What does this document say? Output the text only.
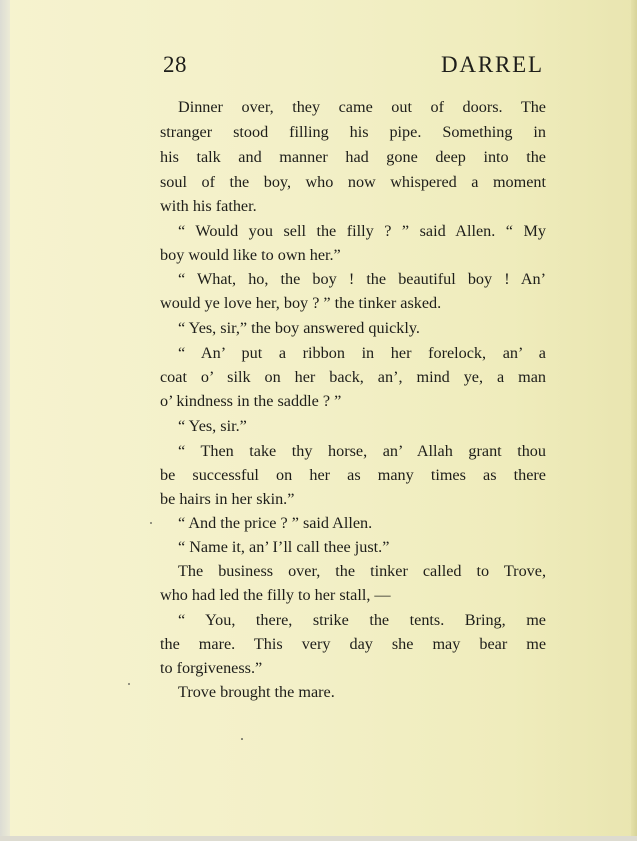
28	DARREL
Dinner over, they came out of doors. The
stranger stood filling his pipe. Something in
his talk and manner had gone deep into the
soul of the boy, who now whispered a moment
with his father.
“ Would you sell the filly ? ” said Allen. “ My
boy would like to own her.”
“ What, ho, the boy ! the beautiful boy ! An’
would ye love her, boy ? ” the tinker asked.
“ Yes, sir,” the boy answered quickly.
“ An’ put a ribbon in her forelock, an’ a
coat o’ silk on her back, an’, mind ye, a man
o’ kindness in the saddle ? ”
“ Yes, sir.”
“ Then take thy horse, an’ Allah grant thou
be successful on her as many times as there
be hairs in her skin.”
“ And the price ? ” said Allen.
“ Name it, an’ I’ll call thee just.”
The business over, the tinker called to Trove,
who had led the filly to her stall, —
“ You, there, strike the tents. Bring, me
the mare. This very day she may bear me
to forgiveness.”
Trove brought the mare.
